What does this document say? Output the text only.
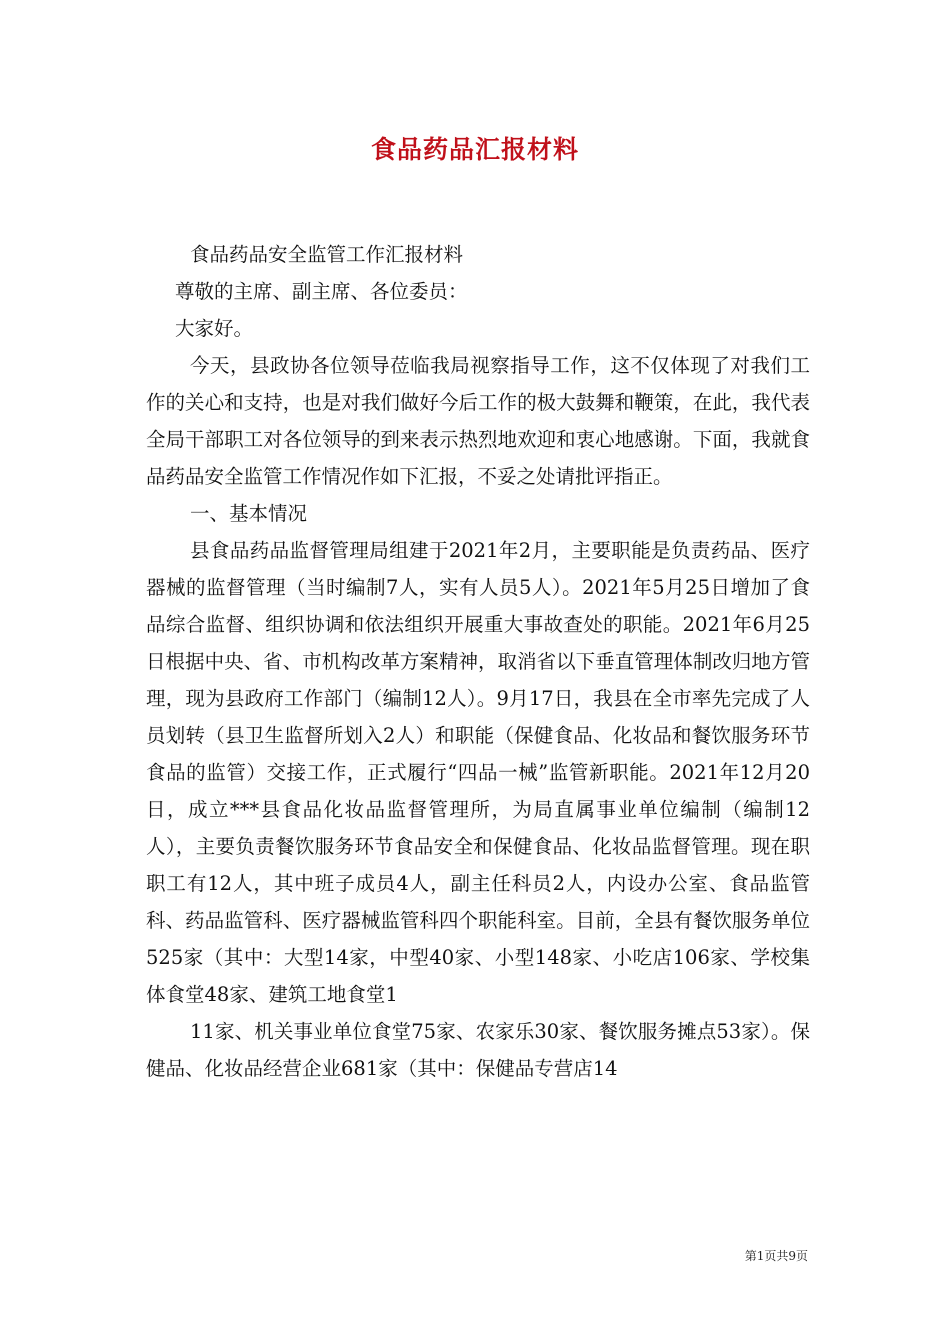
食品药品汇报材料

食品药品安全监管工作汇报材料

尊敬的主席、副主席、各位委员：

大家好。

今天，县政协各位领导莅临我局视察指导工作，这不仅体现了对我们工作的关心和支持，也是对我们做好今后工作的极大鼓舞和鞭策，在此，我代表全局干部职工对各位领导的到来表示热烈地欢迎和衷心地感谢。下面，我就食品药品安全监管工作情况作如下汇报，不妥之处请批评指正。

一、基本情况

县食品药品监督管理局组建于2021年2月，主要职能是负责药品、医疗器械的监督管理（当时编制7人，实有人员5人）。2021年5月25日增加了食品综合监督、组织协调和依法组织开展重大事故查处的职能。2021年6月25日根据中央、省、市机构改革方案精神，取消省以下垂直管理体制改归地方管理，现为县政府工作部门（编制12人）。9月17日，我县在全市率先完成了人员划转（县卫生监督所划入2人）和职能（保健食品、化妆品和餐饮服务环节食品的监管）交接工作，正式履行“四品一械”监管新职能。2021年12月20日，成立***县食品化妆品监督管理所，为局直属事业单位编制（编制12人），主要负责餐饮服务环节食品安全和保健食品、化妆品监督管理。现在职职工有12人，其中班子成员4人，副主任科员2人，内设办公室、食品监管科、药品监管科、医疗器械监管科四个职能科室。目前，全县有餐饮服务单位525家（其中：大型14家，中型40家、小型148家、小吃店106家、学校集体食堂48家、建筑工地食堂1

11家、机关事业单位食堂75家、农家乐30家、餐饮服务摊点53家）。保健品、化妆品经营企业681家（其中：保健品专营店14

第1页共9页
